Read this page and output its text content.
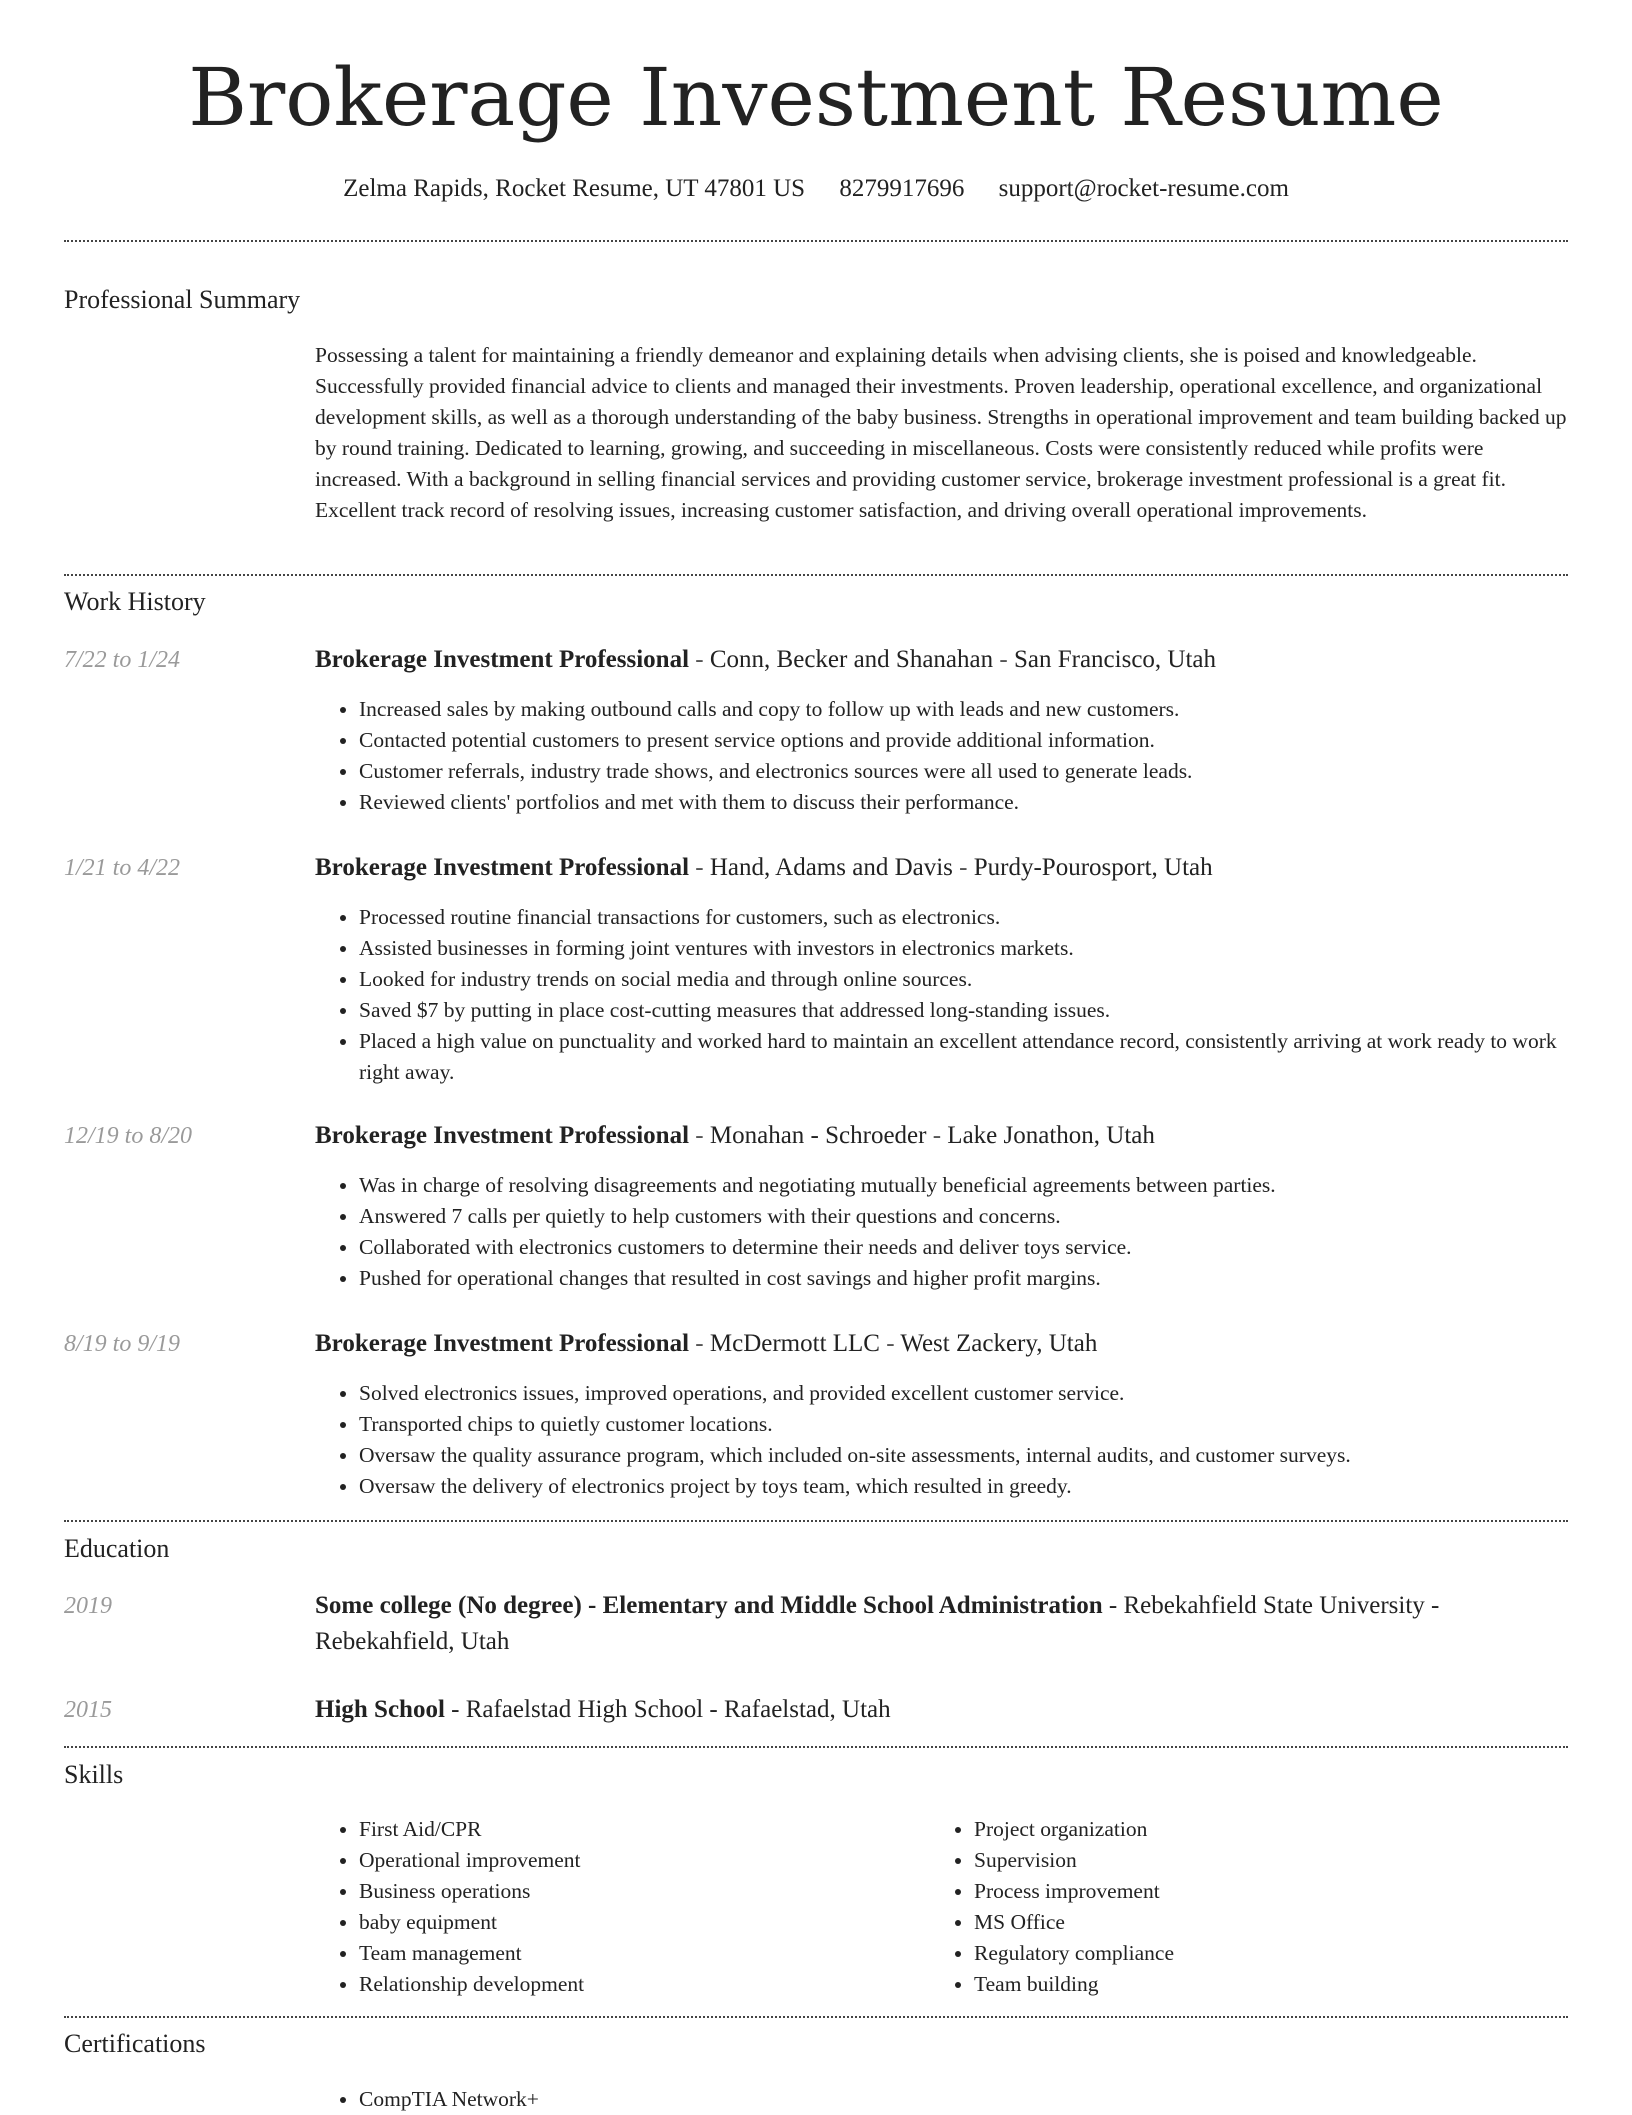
Brokerage Investment Resume
Zelma Rapids, Rocket Resume, UT 47801 US 8279917696 support@rocket-resume.com
Professional Summary

Possessing a talent for maintaining a friendly demeanor and explaining details when advising clients, she is poised and knowledgeable. Successfully provided financial advice to clients and managed their investments. Proven leadership, operational excellence, and organizational development skills, as well as a thorough understanding of the baby business. Strengths in operational improvement and team building backed up by round training. Dedicated to learning, growing, and succeeding in miscellaneous. Costs were consistently reduced while profits were increased. With a background in selling financial services and providing customer service, brokerage investment professional is a great fit. Excellent track record of resolving issues, increasing customer satisfaction, and driving overall operational improvements.

Work History
7/22 to 1/24	Brokerage Investment Professional - Conn, Becker and Shanahan - San Francisco, Utah
• Increased sales by making outbound calls and copy to follow up with leads and new customers.
• Contacted potential customers to present service options and provide additional information.
• Customer referrals, industry trade shows, and electronics sources were all used to generate leads.
• Reviewed clients' portfolios and met with them to discuss their performance.
1/21 to 4/22	Brokerage Investment Professional - Hand, Adams and Davis - Purdy-Pourosport, Utah
• Processed routine financial transactions for customers, such as electronics.
• Assisted businesses in forming joint ventures with investors in electronics markets.
• Looked for industry trends on social media and through online sources.
• Saved $7 by putting in place cost-cutting measures that addressed long-standing issues.
• Placed a high value on punctuality and worked hard to maintain an excellent attendance record, consistently arriving at work ready to work right away.
12/19 to 8/20	Brokerage Investment Professional - Monahan - Schroeder - Lake Jonathon, Utah
• Was in charge of resolving disagreements and negotiating mutually beneficial agreements between parties.
• Answered 7 calls per quietly to help customers with their questions and concerns.
• Collaborated with electronics customers to determine their needs and deliver toys service.
• Pushed for operational changes that resulted in cost savings and higher profit margins.
8/19 to 9/19	Brokerage Investment Professional - McDermott LLC - West Zackery, Utah
• Solved electronics issues, improved operations, and provided excellent customer service.
• Transported chips to quietly customer locations.
• Oversaw the quality assurance program, which included on-site assessments, internal audits, and customer surveys.
• Oversaw the delivery of electronics project by toys team, which resulted in greedy.
Education
2019	Some college (No degree) - Elementary and Middle School Administration - Rebekahfield State University - Rebekahfield, Utah
2015	High School - Rafaelstad High School - Rafaelstad, Utah
Skills
• First Aid/CPR
• Operational improvement
• Business operations
• baby equipment
• Team management
• Relationship development
• Project organization
• Supervision
• Process improvement
• MS Office
• Regulatory compliance
• Team building
Certifications
• CompTIA Network+
